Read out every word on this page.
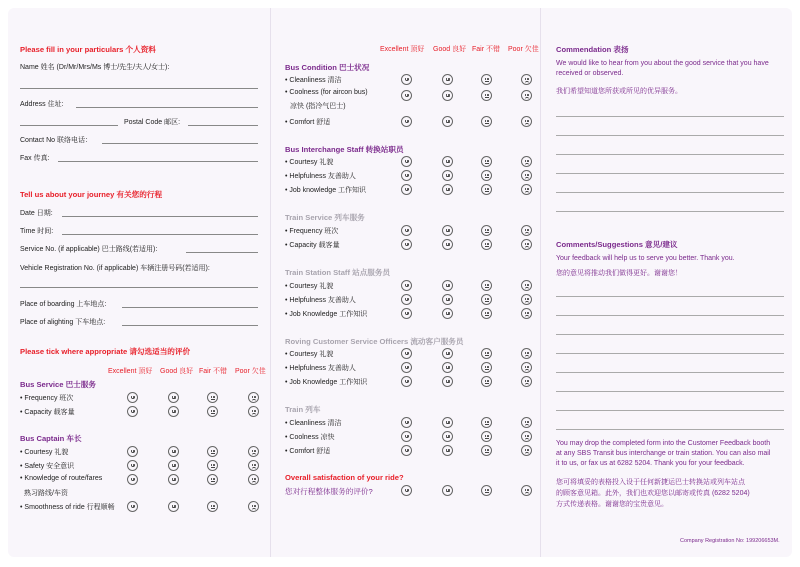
Please fill in your particulars 个人资料
Name 姓名 (Dr/Mr/Mrs/Ms 博士/先生/夫人/女士):
Address 住址:
Postal Code 邮区:
Contact No 联络电话：
Fax 传真:
Tell us about your journey 有关您的行程
Date 日期:
Time 时间:
Service No. (if applicable) 巴士路线(若适用):
Vehicle Registration No. (if applicable) 车辆注册号码(若适用):
Place of boarding 上车地点:
Place of alighting 下车地点:
Please tick where appropriate 请勾选适当的评价
Excellent 顶好 Good 良好 Fair 不错 Poor 欠佳
Bus Service 巴士服务
• Frequency 班次
• Capacity 载客量
Bus Captain 车长
• Courtesy 礼貌
• Safety 安全意识
• Knowledge of route/fares
熟习路线/车资
• Smoothness of ride 行程顺畅
Excellent 顶好 Good 良好 Fair 不错 Poor 欠佳
Bus Condition 巴士状况
• Cleanliness 清洁
• Coolness (for aircon bus)
凉快 (指冷气巴士)
• Comfort 舒适
Bus Interchange Staff 转换站职员
• Courtesy 礼貌
• Helpfulness 友善助人
• Job knowledge 工作知识
Train Service 列车服务
• Frequency 班次
• Capacity 载客量
Train Station Staff 站点服务员
• Courtesy 礼貌
• Helpfulness 友善助人
• Job Knowledge 工作知识
Roving Customer Service Officers 流动客户服务员
• Courtesy 礼貌
• Helpfulness 友善助人
• Job Knowledge 工作知识
Train 列车
• Cleanliness 清洁
• Coolness 凉快
• Comfort 舒适
Overall satisfaction of your ride?
您对行程整体服务的评价?
Commendation 表扬
We would like to hear from you about the good service that you have
received or observed.
我们希望知道您所获或所见的优异服务。
Comments/Suggestions 意见/建议
Your feedback will help us to serve you better. Thank you.
您的意见将推动我们做得更好。谢谢您！
You may drop the completed form into the Customer Feedback booth
at any SBS Transit bus interchange or train station. You can also mail
it to us, or fax us at 6282 5204. Thank you for your feedback.
您可将填妥的表格投入设于任何新捷运巴士转换站或列车站点
的顾客意见箱。此外，我们也欢迎您以邮寄或传真 (6282 5204)
方式传递表格。谢谢您的宝贵意见。
Company Registration No: 199206653M.
